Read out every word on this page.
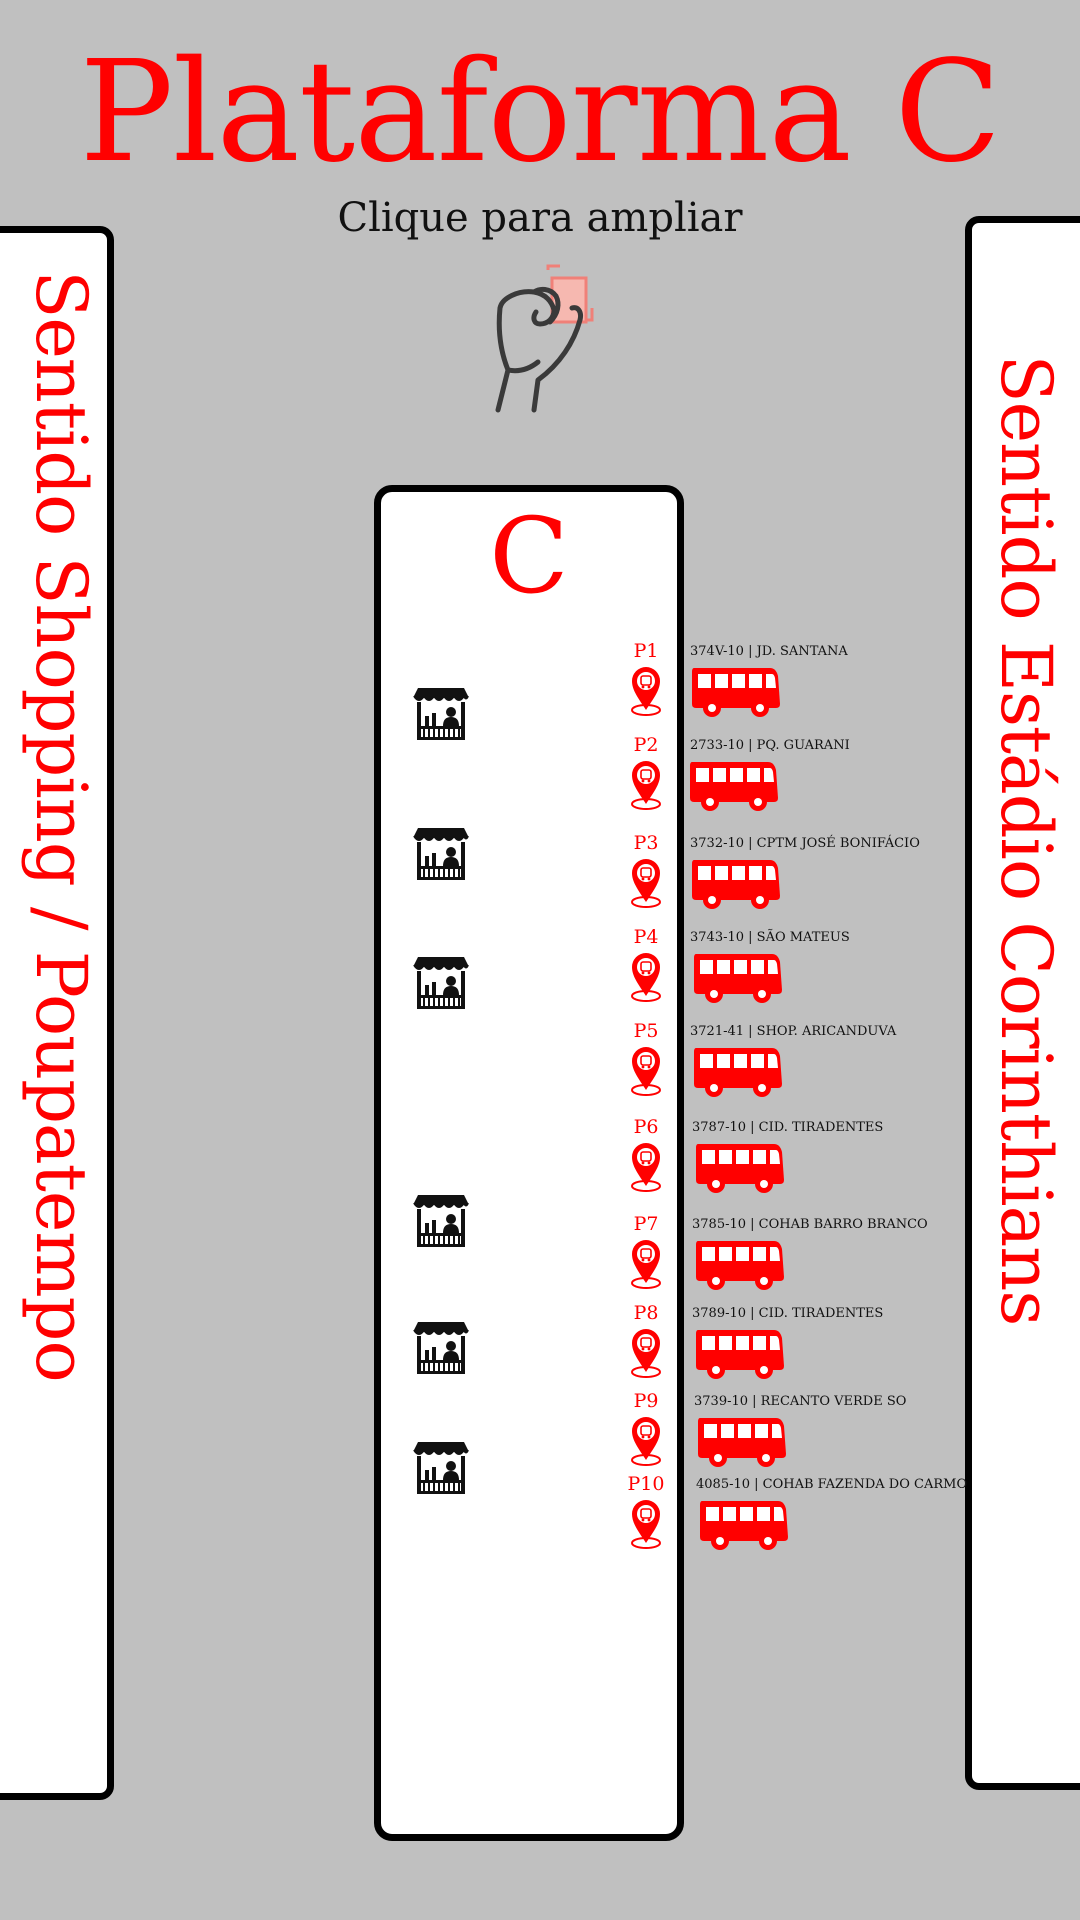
Plataforma C
Clique para ampliar
Sentido Shopping / Poupatempo	Sentido Estádio Corinthians
C
P1	374V-10 | JD. SANTANA
P2	2733-10 | PQ. GUARANI
P3	3732-10 | CPTM JOSÉ BONIFÁCIO
P4	3743-10 | SÃO MATEUS
P5	3721-41 | SHOP. ARICANDUVA
P6	3787-10 | CID. TIRADENTES
P7	3785-10 | COHAB BARRO BRANCO
P8	3789-10 | CID. TIRADENTES
P9	3739-10 | RECANTO VERDE SO
P10	4085-10 | COHAB FAZENDA DO CARMO
